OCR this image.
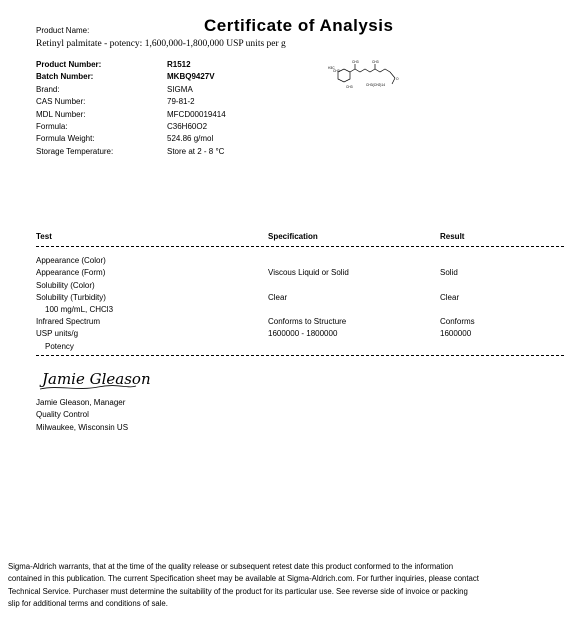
Product Name:	Certificate of Analysis
Retinyl palmitate - potency: 1,600,000-1,800,000 USP units per g
Product Number:	R1512
Batch Number:	MKBQ9427V
Brand:	SIGMA
CAS Number:	79-81-2
MDL Number:	MFCD00019414
Formula:	C36H60O2
Formula Weight:	524.86 g/mol
Storage Temperature:	Store at 2 - 8 °C
H3C
CH3
CH3	CH3
CH3	CH3(CH2)14
O
Test	Specification	Result
Appearance (Color)
Appearance (Form)	Viscous Liquid or Solid	Solid
Solubility (Color)
Solubility (Turbidity)	Clear	Clear
100 mg/mL, CHCl3
Infrared Spectrum	Conforms to Structure	Conforms
USP units/g	1600000 - 1800000	1600000
Potency
Jamie Gleason
Jamie Gleason, Manager
Quality Control
Milwaukee, Wisconsin US
Sigma-Aldrich warrants, that at the time of the quality release or subsequent retest date this product conformed to the information
contained in this publication. The current Specification sheet may be available at Sigma-Aldrich.com. For further inquiries, please contact
Technical Service. Purchaser must determine the suitability of the product for its particular use. See reverse side of invoice or packing
slip for additional terms and conditions of sale.
